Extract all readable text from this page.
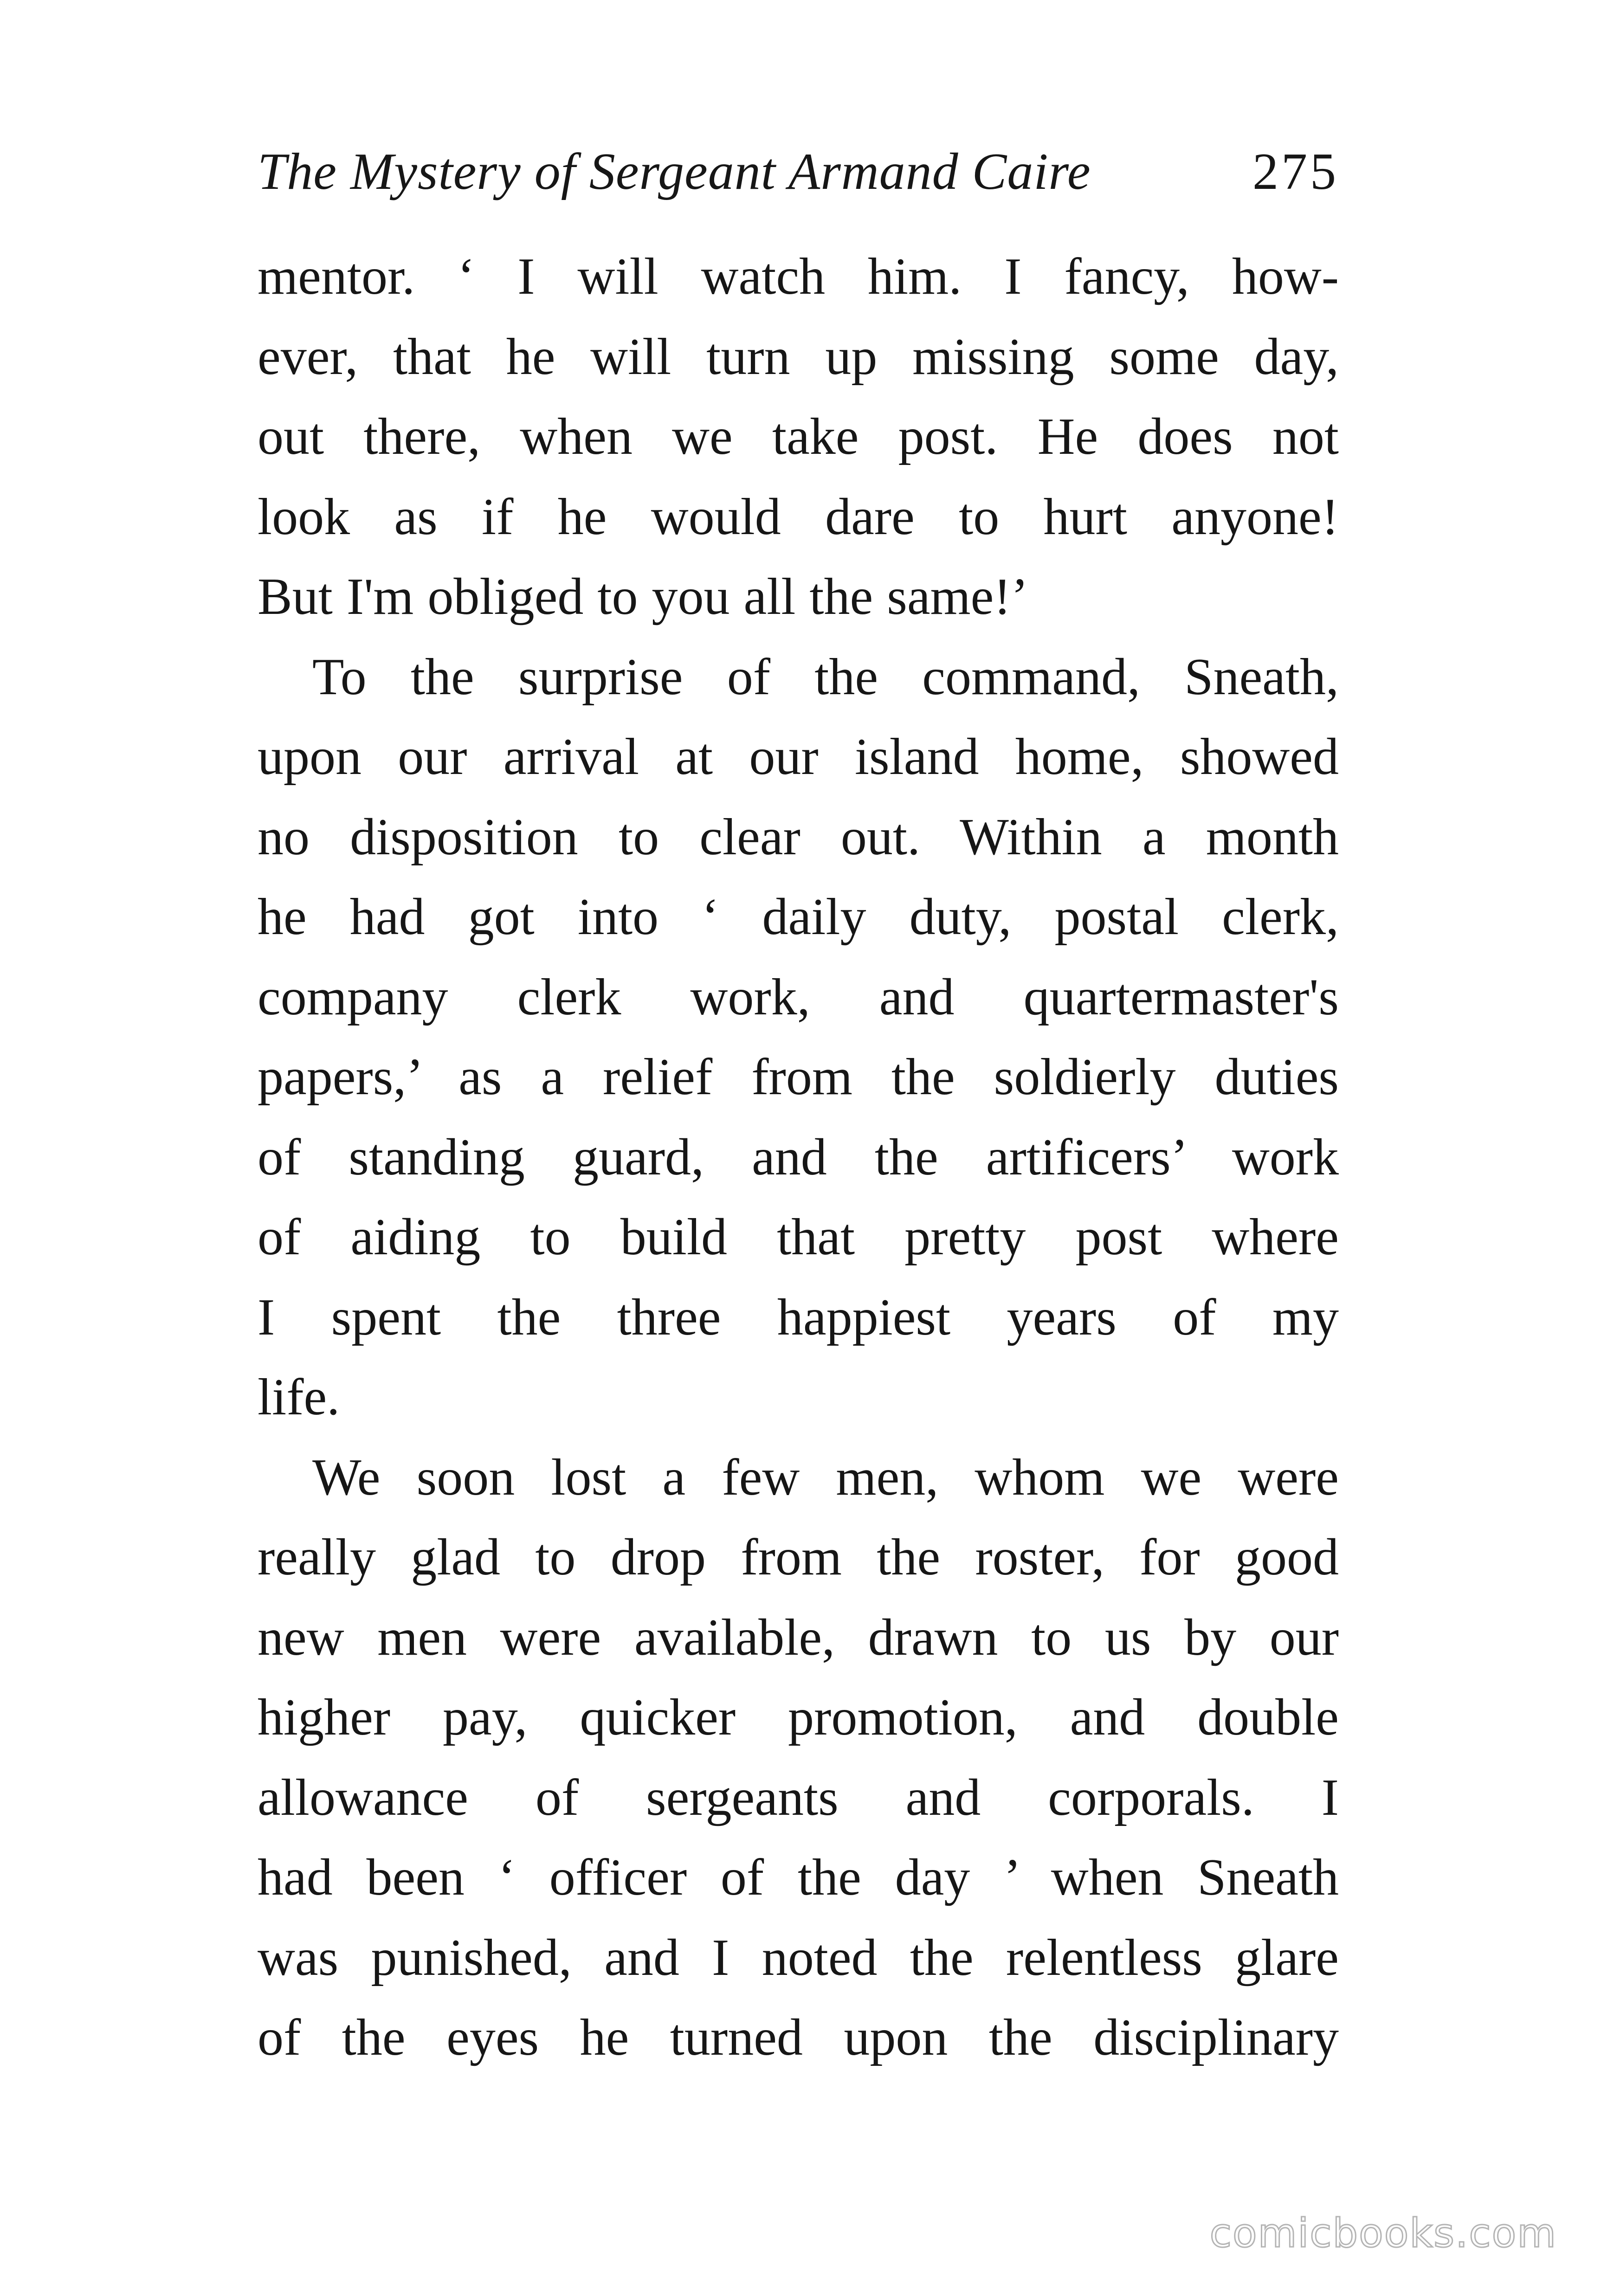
The Mystery of Sergeant Armand Caire	275
mentor. ‘ I will watch him. I fancy, how-
ever, that he will turn up missing some day,
out there, when we take post. He does not
look as if he would dare to hurt anyone!
But I'm obliged to you all the same!’
To the surprise of the command, Sneath,
upon our arrival at our island home, showed
no disposition to clear out. Within a month
he had got into ‘ daily duty, postal clerk,
company clerk work, and quartermaster's
papers,’ as a relief from the soldierly duties
of standing guard, and the artificers’ work
of aiding to build that pretty post where
I spent the three happiest years of my
life.
We soon lost a few men, whom we were
really glad to drop from the roster, for good
new men were available, drawn to us by our
higher pay, quicker promotion, and double
allowance of sergeants and corporals. I
had been ‘ officer of the day ’ when Sneath
was punished, and I noted the relentless glare
of the eyes he turned upon the disciplinary
comicbooks.com
